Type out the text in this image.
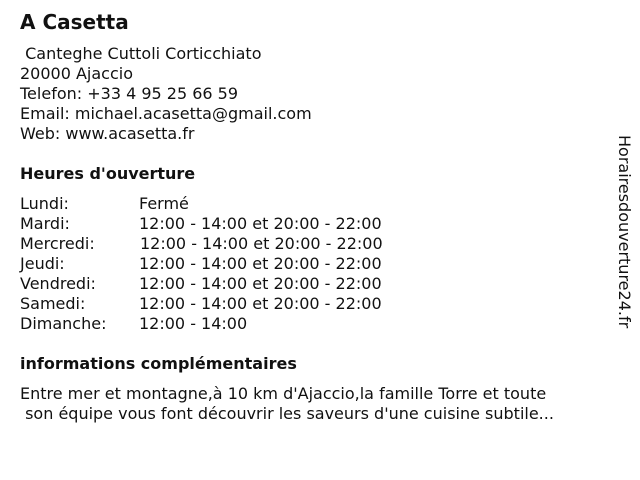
A Casetta
Canteghe Cuttoli Corticchiato
20000 Ajaccio
Telefon: +33 4 95 25 66 59
Email: michael.acasetta@gmail.com
Web: www.acasetta.fr
Heures d'ouverture
Lundi:	Fermé
Mardi:	12:00 - 14:00 et 20:00 - 22:00
Mercredi:	12:00 - 14:00 et 20:00 - 22:00
Jeudi:	12:00 - 14:00 et 20:00 - 22:00
Vendredi:	12:00 - 14:00 et 20:00 - 22:00
Samedi:	12:00 - 14:00 et 20:00 - 22:00
Dimanche: 12:00 - 14:00
informations complémentaires
Entre mer et montagne,à 10 km d'Ajaccio,la famille Torre et toute
son équipe vous font découvrir les saveurs d'une cuisine subtile...
Horairesdouverture24.fr
